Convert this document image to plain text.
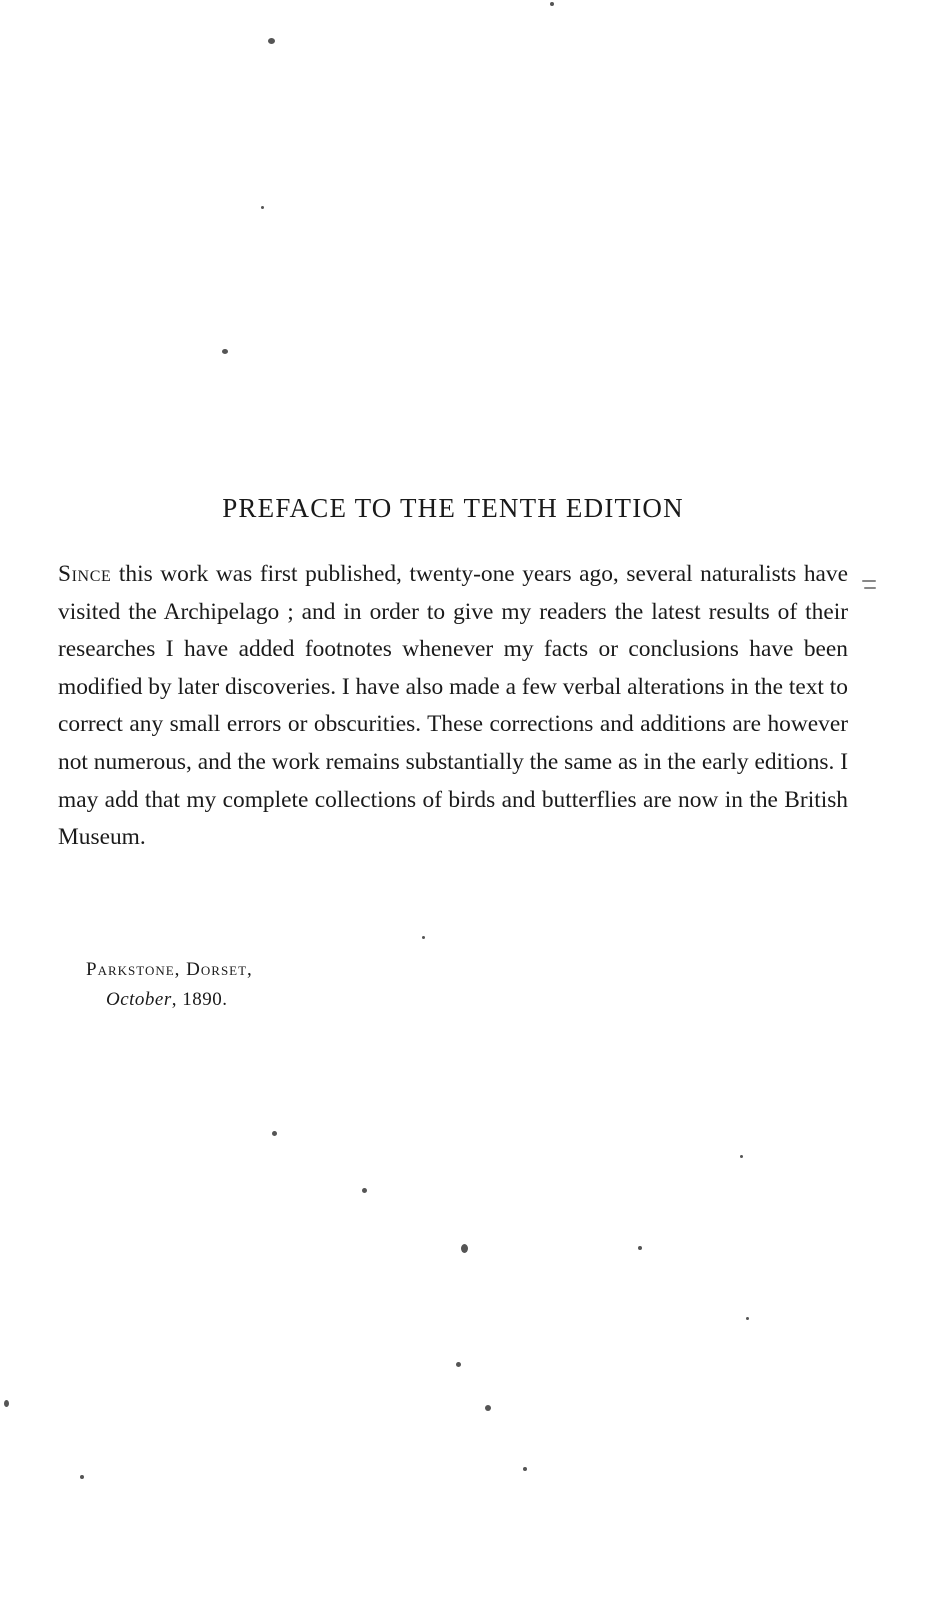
PREFACE TO THE TENTH EDITION

Since this work was first published, twenty-one years ago, several naturalists have visited the Archipelago ; and in order to give my readers the latest results of their researches I have added footnotes whenever my facts or conclusions have been modified by later discoveries. I have also made a few verbal alterations in the text to correct any small errors or obscurities. These corrections and additions are however not numerous, and the work remains substantially the same as in the early editions. I may add that my complete collections of birds and butterflies are now in the British Museum.

Parkstone, Dorset,
October, 1890.
